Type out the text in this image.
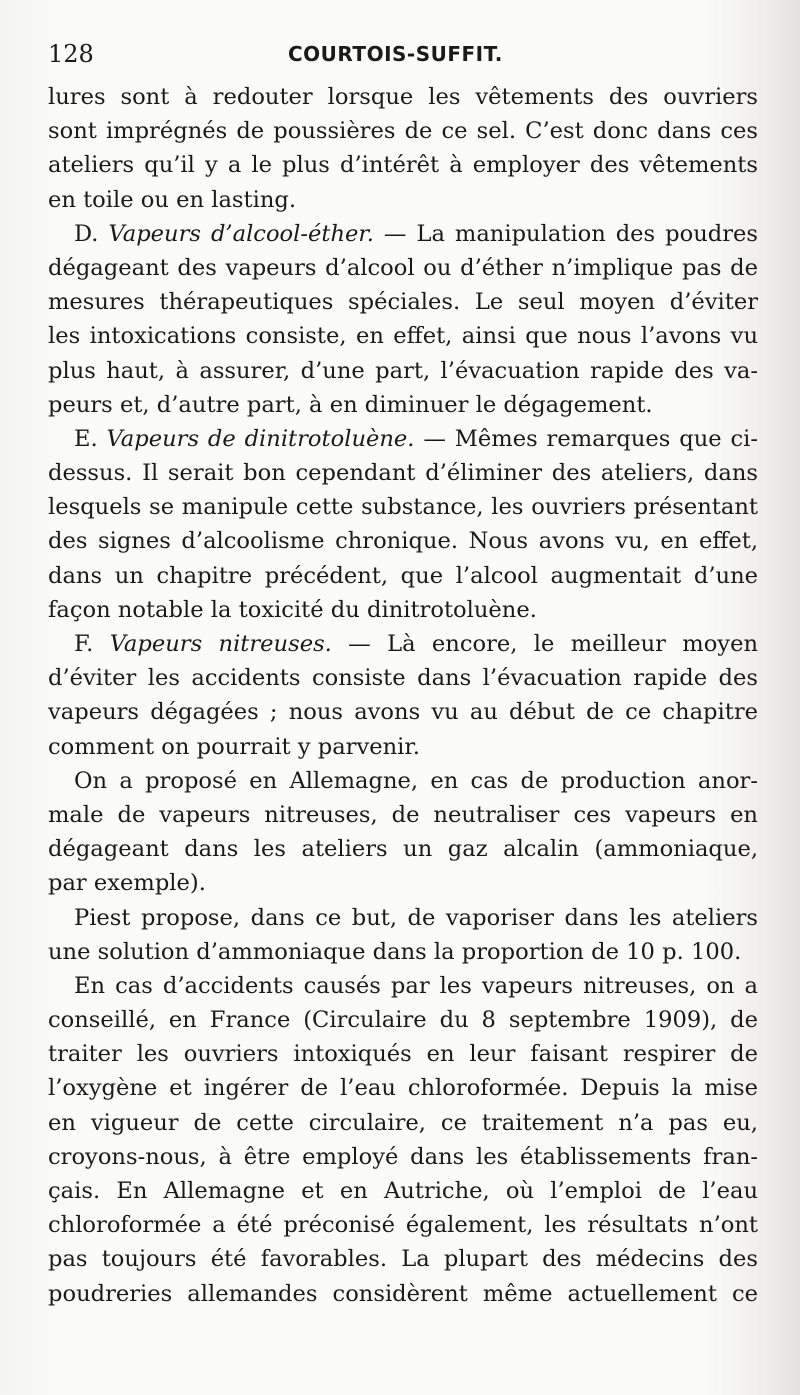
128	COURTOIS-SUFFIT.
lures sont à redouter lorsque les vêtements des ouvriers
sont imprégnés de poussières de ce sel. C’est donc dans ces
ateliers qu’il y a le plus d’intérêt à employer des vêtements
en toile ou en lasting.
D. Vapeurs d’alcool-éther. — La manipulation des poudres
dégageant des vapeurs d’alcool ou d’éther n’implique pas de
mesures thérapeutiques spéciales. Le seul moyen d’éviter
les intoxications consiste, en effet, ainsi que nous l’avons vu
plus haut, à assurer, d’une part, l’évacuation rapide des va-
peurs et, d’autre part, à en diminuer le dégagement.
E. Vapeurs de dinitrotoluène. — Mêmes remarques que ci-
dessus. Il serait bon cependant d’éliminer des ateliers, dans
lesquels se manipule cette substance, les ouvriers présentant
des signes d’alcoolisme chronique. Nous avons vu, en effet,
dans un chapitre précédent, que l’alcool augmentait d’une
façon notable la toxicité du dinitrotoluène.
F. Vapeurs nitreuses. — Là encore, le meilleur moyen
d’éviter les accidents consiste dans l’évacuation rapide des
vapeurs dégagées ; nous avons vu au début de ce chapitre
comment on pourrait y parvenir.
On a proposé en Allemagne, en cas de production anor-
male de vapeurs nitreuses, de neutraliser ces vapeurs en
dégageant dans les ateliers un gaz alcalin (ammoniaque,
par exemple).
Piest propose, dans ce but, de vaporiser dans les ateliers
une solution d’ammoniaque dans la proportion de 10 p. 100.
En cas d’accidents causés par les vapeurs nitreuses, on a
conseillé, en France (Circulaire du 8 septembre 1909), de
traiter les ouvriers intoxiqués en leur faisant respirer de
l’oxygène et ingérer de l’eau chloroformée. Depuis la mise
en vigueur de cette circulaire, ce traitement n’a pas eu,
croyons-nous, à être employé dans les établissements fran-
çais. En Allemagne et en Autriche, où l’emploi de l’eau
chloroformée a été préconisé également, les résultats n’ont
pas toujours été favorables. La plupart des médecins des
poudreries allemandes considèrent même actuellement ce
